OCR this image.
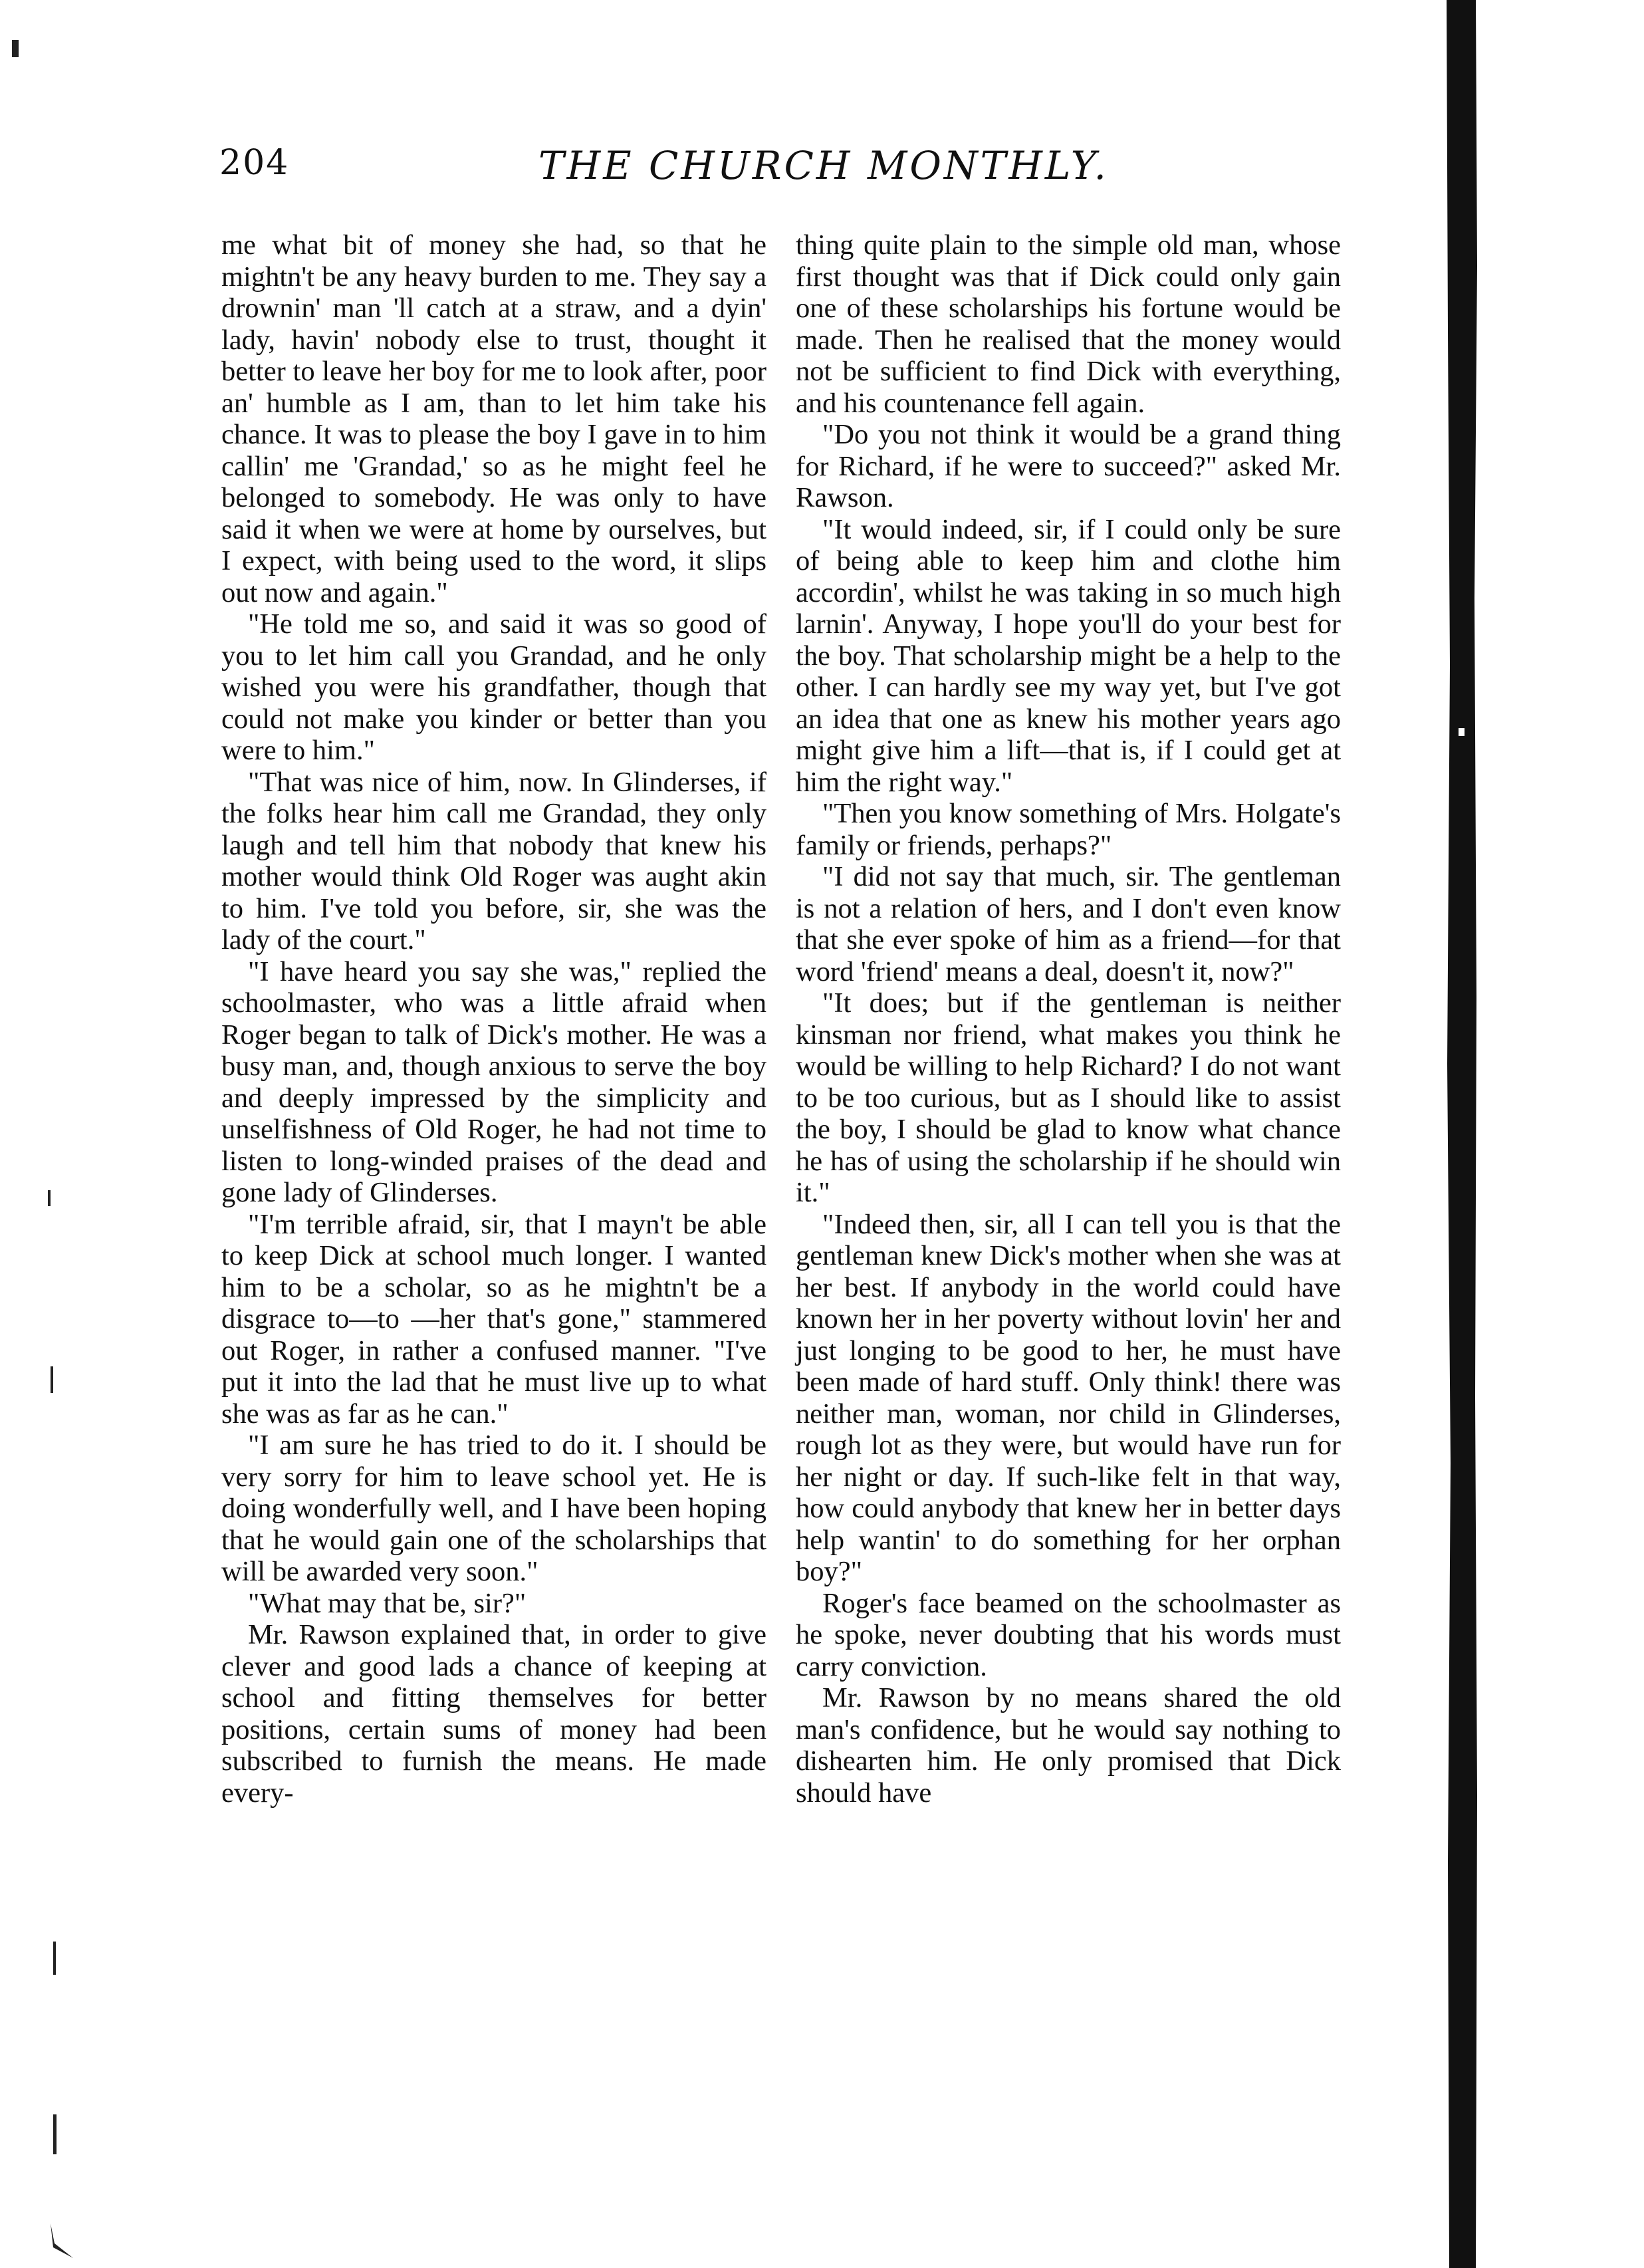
204	THE CHURCH MONTHLY.

me what bit of money she had, so that he mightn't be any heavy burden to me. They say a drownin' man 'll catch at a straw, and a dyin' lady, havin' nobody else to trust, thought it better to leave her boy for me to look after, poor an' humble as I am, than to let him take his chance. It was to please the boy I gave in to him callin' me 'Grandad,' so as he might feel he belonged to somebody. He was only to have said it when we were at home by ourselves, but I expect, with being used to the word, it slips out now and again."

"He told me so, and said it was so good of you to let him call you Grandad, and he only wished you were his grandfather, though that could not make you kinder or better than you were to him."

"That was nice of him, now. In Glinderses, if the folks hear him call me Grandad, they only laugh and tell him that nobody that knew his mother would think Old Roger was aught akin to him. I've told you before, sir, she was the lady of the court."

"I have heard you say she was," replied the schoolmaster, who was a little afraid when Roger began to talk of Dick's mother. He was a busy man, and, though anxious to serve the boy and deeply impressed by the simplicity and unselfishness of Old Roger, he had not time to listen to long-winded praises of the dead and gone lady of Glinderses.

"I'm terrible afraid, sir, that I mayn't be able to keep Dick at school much longer. I wanted him to be a scholar, so as he mightn't be a disgrace to—to —her that's gone," stammered out Roger, in rather a confused manner. "I've put it into the lad that he must live up to what she was as far as he can."

"I am sure he has tried to do it. I should be very sorry for him to leave school yet. He is doing wonderfully well, and I have been hoping that he would gain one of the scholarships that will be awarded very soon."

"What may that be, sir?"

Mr. Rawson explained that, in order to give clever and good lads a chance of keeping at school and fitting themselves for better positions, certain sums of money had been subscribed to furnish the means. He made every-

thing quite plain to the simple old man, whose first thought was that if Dick could only gain one of these scholarships his fortune would be made. Then he realised that the money would not be sufficient to find Dick with everything, and his countenance fell again.

"Do you not think it would be a grand thing for Richard, if he were to succeed?" asked Mr. Rawson.

"It would indeed, sir, if I could only be sure of being able to keep him and clothe him accordin', whilst he was taking in so much high larnin'. Anyway, I hope you'll do your best for the boy. That scholarship might be a help to the other. I can hardly see my way yet, but I've got an idea that one as knew his mother years ago might give him a lift—that is, if I could get at him the right way."

"Then you know something of Mrs. Holgate's family or friends, perhaps?"

"I did not say that much, sir. The gentleman is not a relation of hers, and I don't even know that she ever spoke of him as a friend—for that word 'friend' means a deal, doesn't it, now?"

"It does; but if the gentleman is neither kinsman nor friend, what makes you think he would be willing to help Richard? I do not want to be too curious, but as I should like to assist the boy, I should be glad to know what chance he has of using the scholarship if he should win it."

"Indeed then, sir, all I can tell you is that the gentleman knew Dick's mother when she was at her best. If anybody in the world could have known her in her poverty without lovin' her and just longing to be good to her, he must have been made of hard stuff. Only think! there was neither man, woman, nor child in Glinderses, rough lot as they were, but would have run for her night or day. If such-like felt in that way, how could anybody that knew her in better days help wantin' to do something for her orphan boy?"

Roger's face beamed on the schoolmaster as he spoke, never doubting that his words must carry conviction.

Mr. Rawson by no means shared the old man's confidence, but he would say nothing to dishearten him. He only promised that Dick should have
